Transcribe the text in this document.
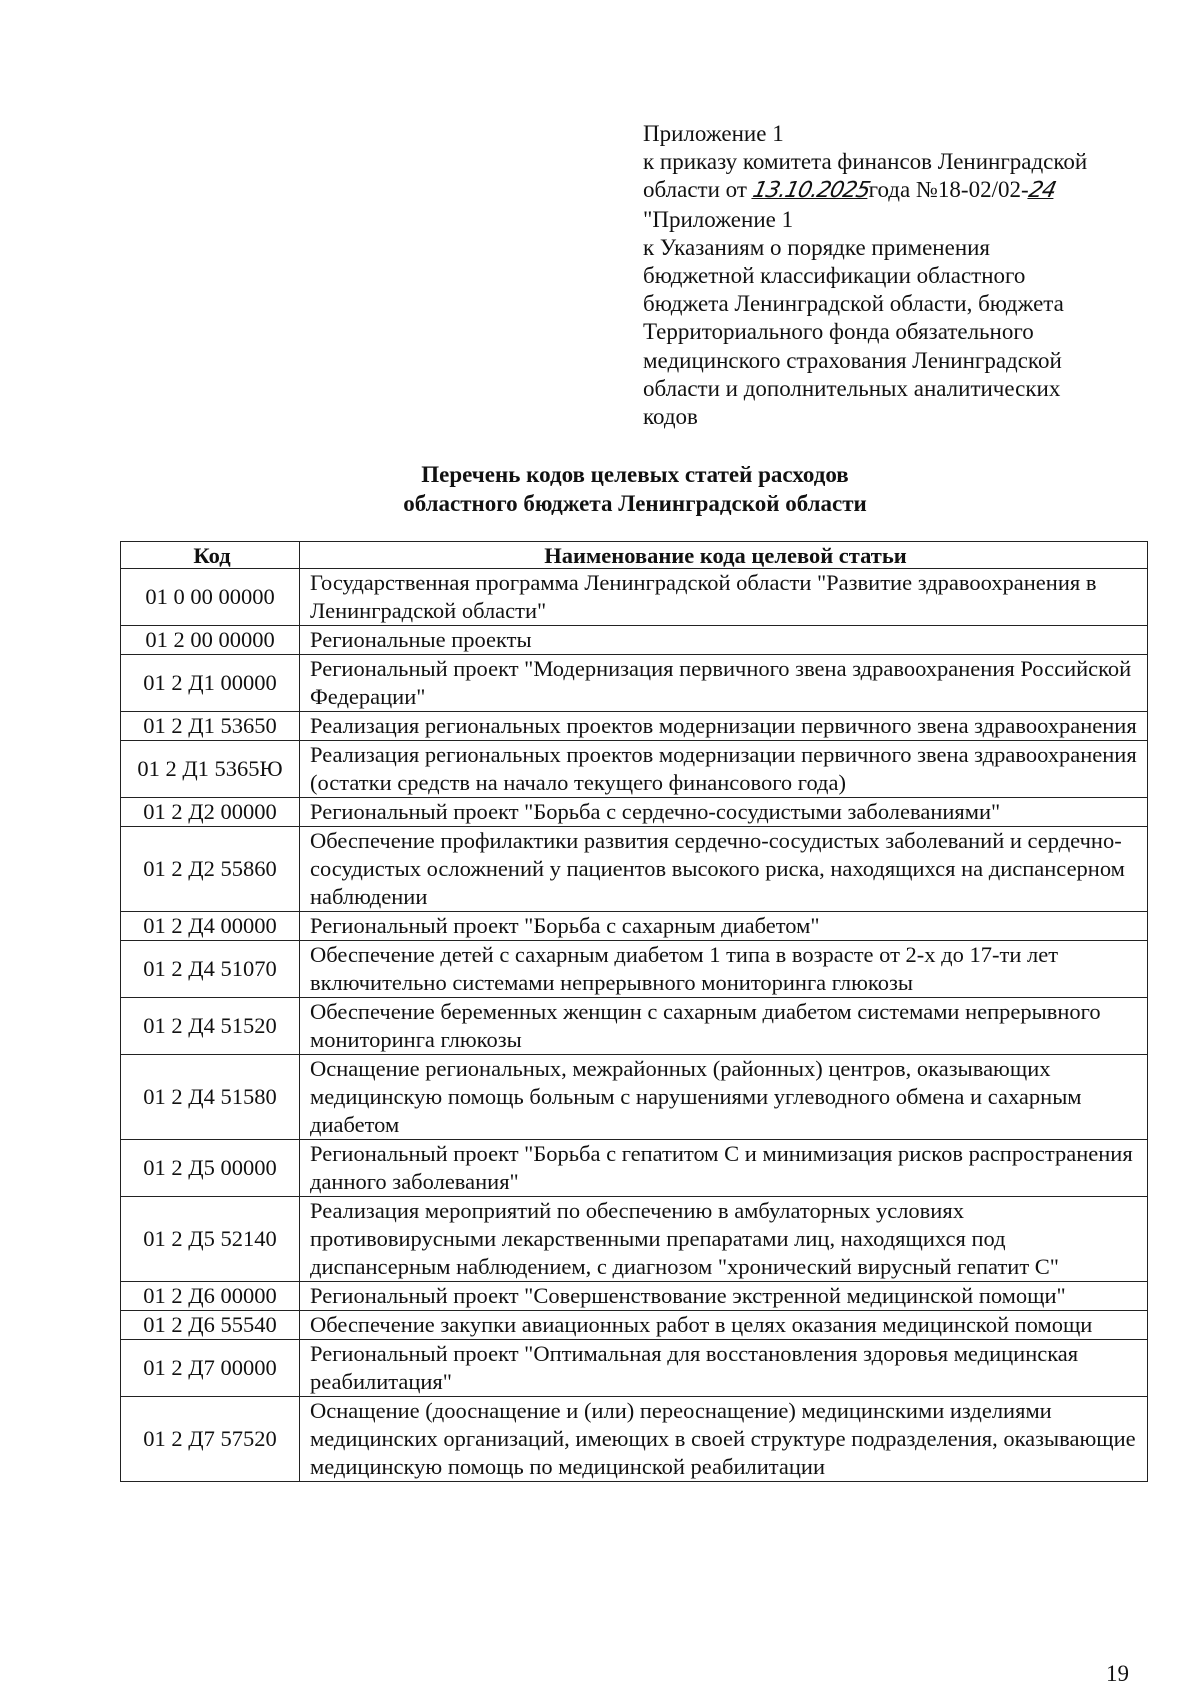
Приложение 1
к приказу комитета финансов Ленинградской
области от 13.10.2025года №18-02/02-24
"Приложение 1
к Указаниям о порядке применения
бюджетной классификации областного
бюджета Ленинградской области, бюджета
Территориального фонда обязательного
медицинского страхования Ленинградской
области и дополнительных аналитических
кодов
Перечень кодов целевых статей расходов
областного бюджета Ленинградской области
Код	Наименование кода целевой статьи
01 0 00 00000	Государственная программа Ленинградской области "Развитие здравоохранения в Ленинградской области"
01 2 00 00000	Региональные проекты
01 2 Д1 00000	Региональный проект "Модернизация первичного звена здравоохранения Российской Федерации"
01 2 Д1 53650	Реализация региональных проектов модернизации первичного звена здравоохранения
01 2 Д1 5365Ю	Реализация региональных проектов модернизации первичного звена здравоохранения (остатки средств на начало текущего финансового года)
01 2 Д2 00000	Региональный проект "Борьба с сердечно-сосудистыми заболеваниями"
01 2 Д2 55860	Обеспечение профилактики развития сердечно-сосудистых заболеваний и сердечно-сосудистых осложнений у пациентов высокого риска, находящихся на диспансерном наблюдении
01 2 Д4 00000	Региональный проект "Борьба с сахарным диабетом"
01 2 Д4 51070	Обеспечение детей с сахарным диабетом 1 типа в возрасте от 2-х до 17-ти лет включительно системами непрерывного мониторинга глюкозы
01 2 Д4 51520	Обеспечение беременных женщин с сахарным диабетом системами непрерывного мониторинга глюкозы
01 2 Д4 51580	Оснащение региональных, межрайонных (районных) центров, оказывающих медицинскую помощь больным с нарушениями углеводного обмена и сахарным диабетом
01 2 Д5 00000	Региональный проект "Борьба с гепатитом С и минимизация рисков распространения данного заболевания"
01 2 Д5 52140	Реализация мероприятий по обеспечению в амбулаторных условиях противовирусными лекарственными препаратами лиц, находящихся под диспансерным наблюдением, с диагнозом "хронический вирусный гепатит С"
01 2 Д6 00000	Региональный проект "Совершенствование экстренной медицинской помощи"
01 2 Д6 55540	Обеспечение закупки авиационных работ в целях оказания медицинской помощи
01 2 Д7 00000	Региональный проект "Оптимальная для восстановления здоровья медицинская реабилитация"
01 2 Д7 57520	Оснащение (дооснащение и (или) переоснащение) медицинскими изделиями медицинских организаций, имеющих в своей структуре подразделения, оказывающие медицинскую помощь по медицинской реабилитации
19
